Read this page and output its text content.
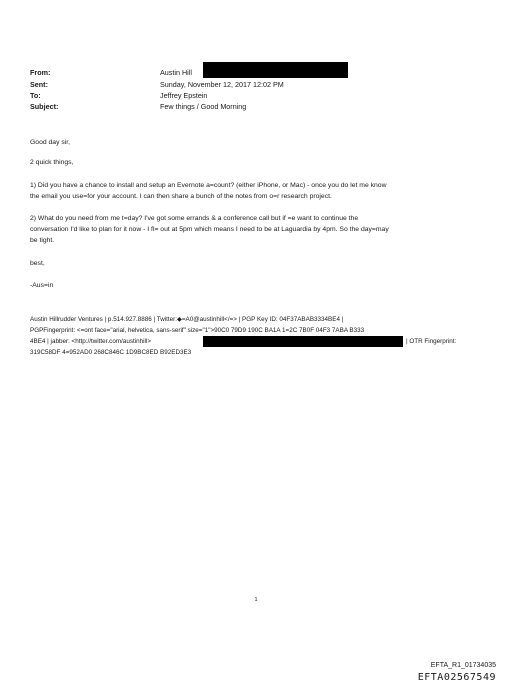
From:	Austin Hill
Sent:	Sunday, November 12, 2017 12:02 PM
To:	Jeffrey Epstein
Subject:	Few things / Good Morning
Good day sir,
2 quick things,

1) Did you have a chance to install and setup an Evernote a=count? (either iPhone, or Mac) - once you do let me know

the email you use=for your account. I can then share a bunch of the notes from o=r research project.

2) What do you need from me t=day? I've got some errands & a conference call but if =e want to continue the

conversation I'd like to plan for it now - I fl= out at 5pm which means I need to be at Laguardia by 4pm. So the day=may

be tight.

best,
-Aus=in
Austin Hillrudder Ventures | p.514.927.8886 | Twitter:◆=A0@austinhill</=> | PGP Key ID: 04F37ABAB3334BE4 |
PGPFingerprint: <=ont face="arial, helvetica, sans-serif" size="1">90C0 79D9 190C BA1A 1=2C 7B0F 04F3 7ABA B333
4BE4 | jabber: <http://twitter.com/austinhill>	| OTR Fingerprint:
319C58DF 4=952AD0 268C846C 1D9BC8ED B92ED3E3
1
EFTA_R1_01734035
EFTA02567549
